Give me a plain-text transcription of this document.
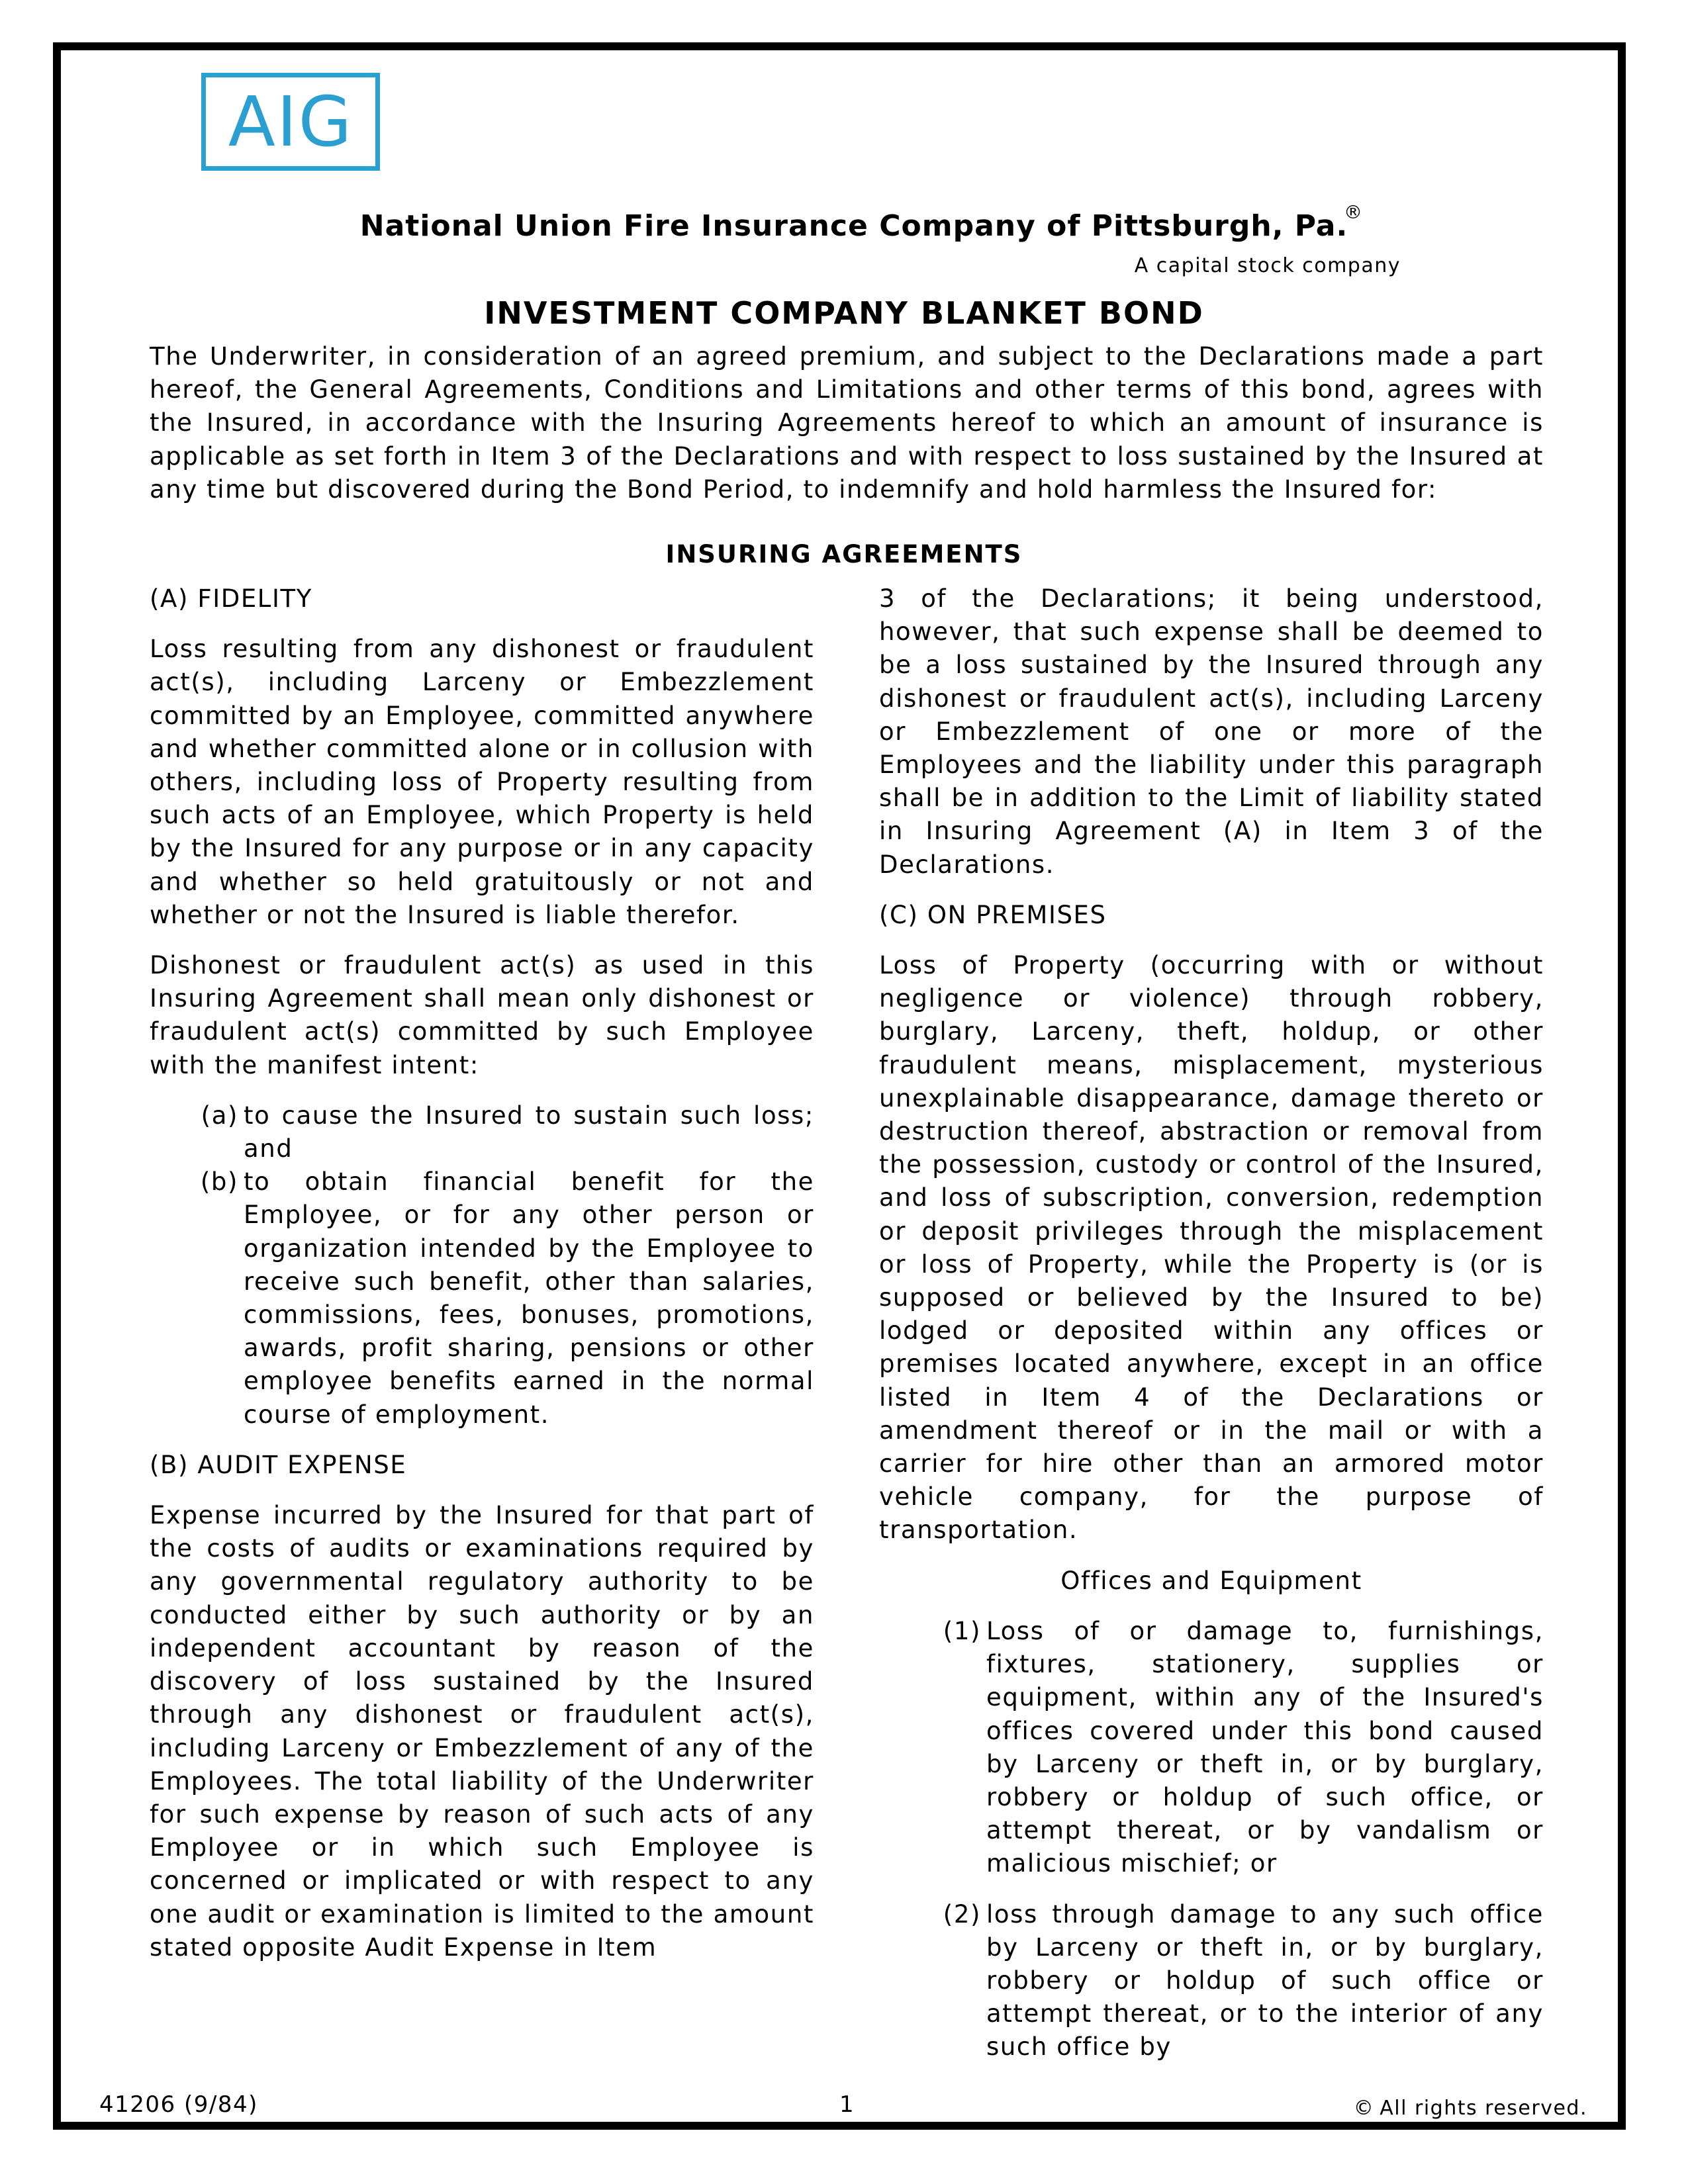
AIG
National Union Fire Insurance Company of Pittsburgh, Pa.
®
A capital stock company
INVESTMENT COMPANY BLANKET BOND

The Underwriter, in consideration of an agreed premium, and subject to the Declarations made a part hereof, the General Agreements, Conditions and Limitations and other terms of this bond, agrees with the Insured, in accordance with the Insuring Agreements hereof to which an amount of insurance is applicable as set forth in Item 3 of the Declarations and with respect to loss sustained by the Insured at any time but discovered during the Bond Period, to indemnify and hold harmless the Insured for:

INSURING AGREEMENTS
(A) FIDELITY

Loss resulting from any dishonest or fraudulent act(s), including Larceny or Embezzlement committed by an Employee, committed anywhere and whether committed alone or in collusion with others, including loss of Property resulting from such acts of an Employee, which Property is held by the Insured for any purpose or in any capacity and whether so held gratuitously or not and whether or not the Insured is liable therefor.

Dishonest or fraudulent act(s) as used in this Insuring Agreement shall mean only dishonest or fraudulent act(s) committed by such Employee with the manifest intent:

(a) to cause the Insured to sustain such loss; and
(b) to obtain financial benefit for the Employee, or for any other person or organization intended by the Employee to receive such benefit, other than salaries, commissions, fees, bonuses, promotions, awards, profit sharing, pensions or other employee benefits earned in the normal course of employment.
(B) AUDIT EXPENSE

Expense incurred by the Insured for that part of the costs of audits or examinations required by any governmental regulatory authority to be conducted either by such authority or by an independent accountant by reason of the discovery of loss sustained by the Insured through any dishonest or fraudulent act(s), including Larceny or Embezzlement of any of the Employees. The total liability of the Underwriter for such expense by reason of such acts of any Employee or in which such Employee is concerned or implicated or with respect to any one audit or examination is limited to the amount stated opposite Audit Expense in Item

3 of the Declarations; it being understood, however, that such expense shall be deemed to be a loss sustained by the Insured through any dishonest or fraudulent act(s), including Larceny or Embezzlement of one or more of the Employees and the liability under this paragraph shall be in addition to the Limit of liability stated in Insuring Agreement (A) in Item 3 of the Declarations.

(C) ON PREMISES

Loss of Property (occurring with or without negligence or violence) through robbery, burglary, Larceny, theft, holdup, or other fraudulent means, misplacement, mysterious unexplainable disappearance, damage thereto or destruction thereof, abstraction or removal from the possession, custody or control of the Insured, and loss of subscription, conversion, redemption or deposit privileges through the misplacement or loss of Property, while the Property is (or is supposed or believed by the Insured to be) lodged or deposited within any offices or premises located anywhere, except in an office listed in Item 4 of the Declarations or amendment thereof or in the mail or with a carrier for hire other than an armored motor vehicle company, for the purpose of transportation.

Offices and Equipment
(1) Loss of or damage to, furnishings, fixtures, stationery, supplies or equipment, within any of the Insured's offices covered under this bond caused by Larceny or theft in, or by burglary, robbery or holdup of such office, or attempt thereat, or by vandalism or malicious mischief; or
(2) loss through damage to any such office by Larceny or theft in, or by burglary, robbery or holdup of such office or attempt thereat, or to the interior of any such office by
41206 (9/84)	1	© All rights reserved.
